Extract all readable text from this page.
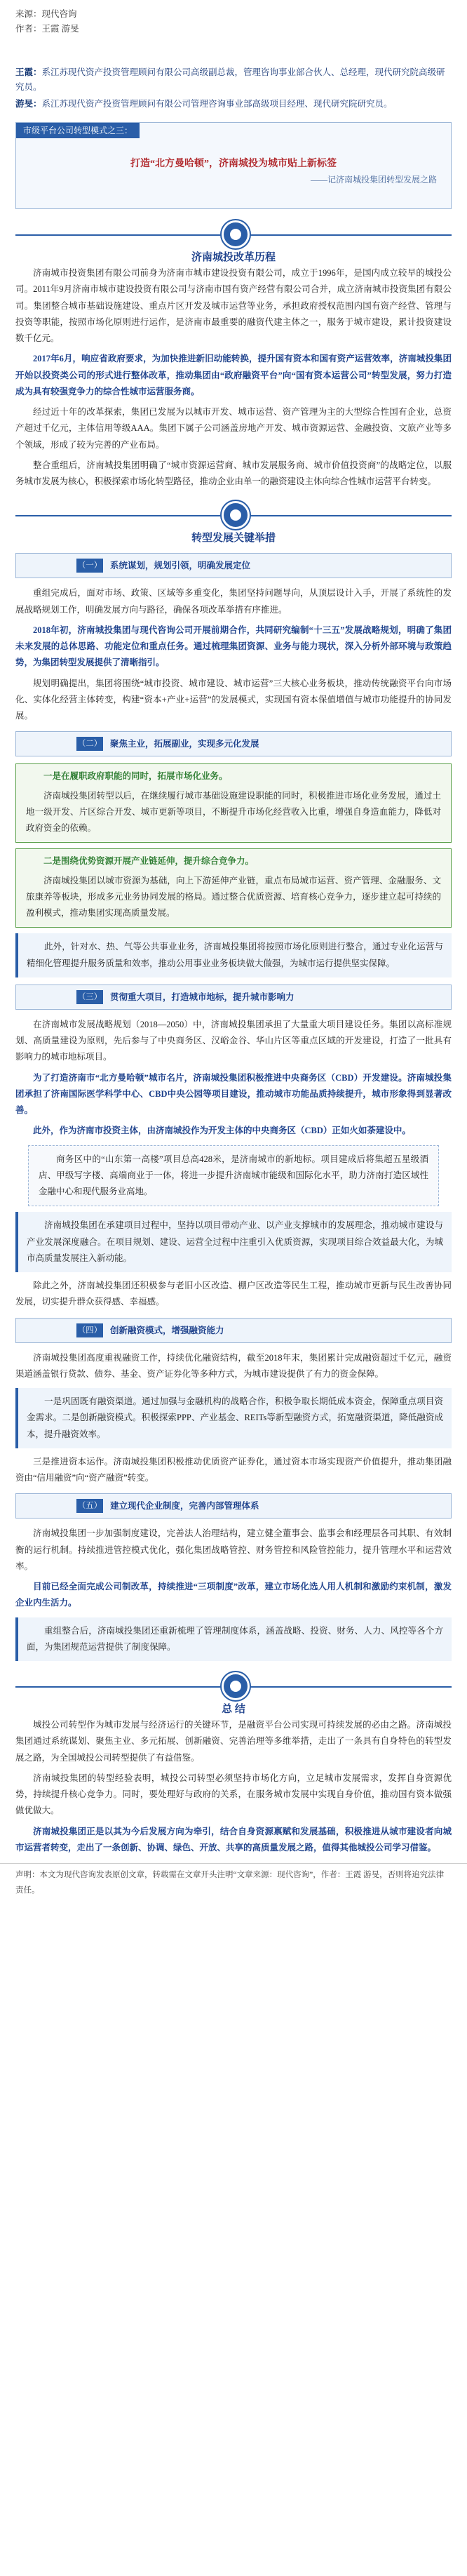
来源：现代咨询
作者：王霞 游旻

王霞：系江苏现代资产投资管理顾问有限公司高级副总裁，管理咨询事业部合伙人、总经理，现代研究院高级研究员。

游旻：系江苏现代资产投资管理顾问有限公司管理咨询事业部高级项目经理、现代研究院研究员。

市级平台公司转型模式之三：
打造“北方曼哈顿”，济南城投为城市贴上新标签
——记济南城投集团转型发展之路
济南城投改革历程

济南城市投资集团有限公司前身为济南市城市建设投资有限公司，成立于1996年，是国内成立较早的城投公司。2011年9月济南市城市建设投资有限公司与济南市国有资产经营有限公司合并，成立济南城市投资集团有限公司。集团整合城市基础设施建设、重点片区开发及城市运营等业务，承担政府授权范围内国有资产经营、管理与投资等职能，按照市场化原则进行运作，是济南市最重要的融资代建主体之一，服务于城市建设，累计投资建设数千亿元。

2017年6月，响应省政府要求，为加快推进新旧动能转换，提升国有资本和国有资产运营效率，济南城投集团开始以投资类公司的形式进行整体改革，推动集团由“政府融资平台”向“国有资本运营公司”转型发展，努力打造成为具有较强竞争力的综合性城市运营服务商。

经过近十年的改革探索，集团已发展为以城市开发、城市运营、资产管理为主的大型综合性国有企业，总资产超过千亿元，主体信用等级AAA。集团下属子公司涵盖房地产开发、城市资源运营、金融投资、文旅产业等多个领域，形成了较为完善的产业布局。

整合重组后，济南城投集团明确了“城市资源运营商、城市发展服务商、城市价值投资商”的战略定位，以服务城市发展为核心，积极探索市场化转型路径，推动企业由单一的融资建设主体向综合性城市运营平台转变。

转型发展关键举措
（一） 系统谋划，规划引领，明确发展定位

重组完成后，面对市场、政策、区域等多重变化，集团坚持问题导向，从顶层设计入手，开展了系统性的发展战略规划工作，明确发展方向与路径，确保各项改革举措有序推进。

2018年初，济南城投集团与现代咨询公司开展前期合作，共同研究编制“十三五”发展战略规划，明确了集团未来发展的总体思路、功能定位和重点任务。通过梳理集团资源、业务与能力现状，深入分析外部环境与政策趋势，为集团转型发展提供了清晰指引。

规划明确提出，集团将围绕“城市投资、城市建设、城市运营”三大核心业务板块，推动传统融资平台向市场化、实体化经营主体转变，构建“资本+产业+运营”的发展模式，实现国有资本保值增值与城市功能提升的协同发展。

（二） 聚焦主业，拓展副业，实现多元化发展

一是在履职政府职能的同时，拓展市场化业务。

济南城投集团转型以后，在继续履行城市基础设施建设职能的同时，积极推进市场化业务发展，通过土地一级开发、片区综合开发、城市更新等项目，不断提升市场化经营收入比重，增强自身造血能力，降低对政府资金的依赖。

二是围绕优势资源开展产业链延伸，提升综合竞争力。

济南城投集团以城市资源为基础，向上下游延伸产业链，重点布局城市运营、资产管理、金融服务、文旅康养等板块，形成多元业务协同发展的格局。通过整合优质资源、培育核心竞争力，逐步建立起可持续的盈利模式，推动集团实现高质量发展。

此外，针对水、热、气等公共事业业务，济南城投集团将按照市场化原则进行整合，通过专业化运营与精细化管理提升服务质量和效率，推动公用事业业务板块做大做强，为城市运行提供坚实保障。

（三） 贯彻重大项目，打造城市地标，提升城市影响力

在济南城市发展战略规划（2018—2050）中，济南城投集团承担了大量重大项目建设任务。集团以高标准规划、高质量建设为原则，先后参与了中央商务区、汉峪金谷、华山片区等重点区域的开发建设，打造了一批具有影响力的城市地标项目。

为了打造济南市“北方曼哈顿”城市名片，济南城投集团积极推进中央商务区（CBD）开发建设。济南城投集团承担了济南国际医学科学中心、CBD中央公园等项目建设，推动城市功能品质持续提升，城市形象得到显著改善。

此外，作为济南市投资主体，由济南城投作为开发主体的中央商务区（CBD）正如火如荼建设中。

商务区中的“山东第一高楼”项目总高428米，是济南城市的新地标。项目建成后将集超五星级酒店、甲级写字楼、高端商业于一体，将进一步提升济南城市能级和国际化水平，助力济南打造区域性金融中心和现代服务业高地。

济南城投集团在承建项目过程中，坚持以项目带动产业、以产业支撑城市的发展理念，推动城市建设与产业发展深度融合。在项目规划、建设、运营全过程中注重引入优质资源，实现项目综合效益最大化，为城市高质量发展注入新动能。

除此之外，济南城投集团还积极参与老旧小区改造、棚户区改造等民生工程，推动城市更新与民生改善协同发展，切实提升群众获得感、幸福感。

（四） 创新融资模式，增强融资能力

济南城投集团高度重视融资工作，持续优化融资结构，截至2018年末，集团累计完成融资超过千亿元，融资渠道涵盖银行贷款、债券、基金、资产证券化等多种方式，为城市建设提供了有力的资金保障。

一是巩固既有融资渠道。通过加强与金融机构的战略合作，积极争取长期低成本资金，保障重点项目资金需求。二是创新融资模式。积极探索PPP、产业基金、REITs等新型融资方式，拓宽融资渠道，降低融资成本，提升融资效率。

三是推进资本运作。济南城投集团积极推动优质资产证券化，通过资本市场实现资产价值提升，推动集团融资由“信用融资”向“资产融资”转变。

（五） 建立现代企业制度，完善内部管理体系

济南城投集团一步加强制度建设，完善法人治理结构，建立健全董事会、监事会和经理层各司其职、有效制衡的运行机制。持续推进管控模式优化，强化集团战略管控、财务管控和风险管控能力，提升管理水平和运营效率。

目前已经全面完成公司制改革，持续推进“三项制度”改革，建立市场化选人用人机制和激励约束机制，激发企业内生活力。

重组整合后，济南城投集团还重新梳理了管理制度体系，涵盖战略、投资、财务、人力、风控等各个方面，为集团规范运营提供了制度保障。

总 结

城投公司转型作为城市发展与经济运行的关键环节，是融资平台公司实现可持续发展的必由之路。济南城投集团通过系统谋划、聚焦主业、多元拓展、创新融资、完善治理等多维举措，走出了一条具有自身特色的转型发展之路，为全国城投公司转型提供了有益借鉴。

济南城投集团的转型经验表明，城投公司转型必须坚持市场化方向，立足城市发展需求，发挥自身资源优势，持续提升核心竞争力。同时，要处理好与政府的关系，在服务城市发展中实现自身价值，推动国有资本做强做优做大。

济南城投集团正是以其为今后发展方向为牵引，结合自身资源禀赋和发展基础，积极推进从城市建设者向城市运营者转变，走出了一条创新、协调、绿色、开放、共享的高质量发展之路，值得其他城投公司学习借鉴。

声明：本文为现代咨询发表原创文章，转载需在文章开头注明“文章来源：现代咨询”，作者：王霞 游旻，否则将追究法律责任。
